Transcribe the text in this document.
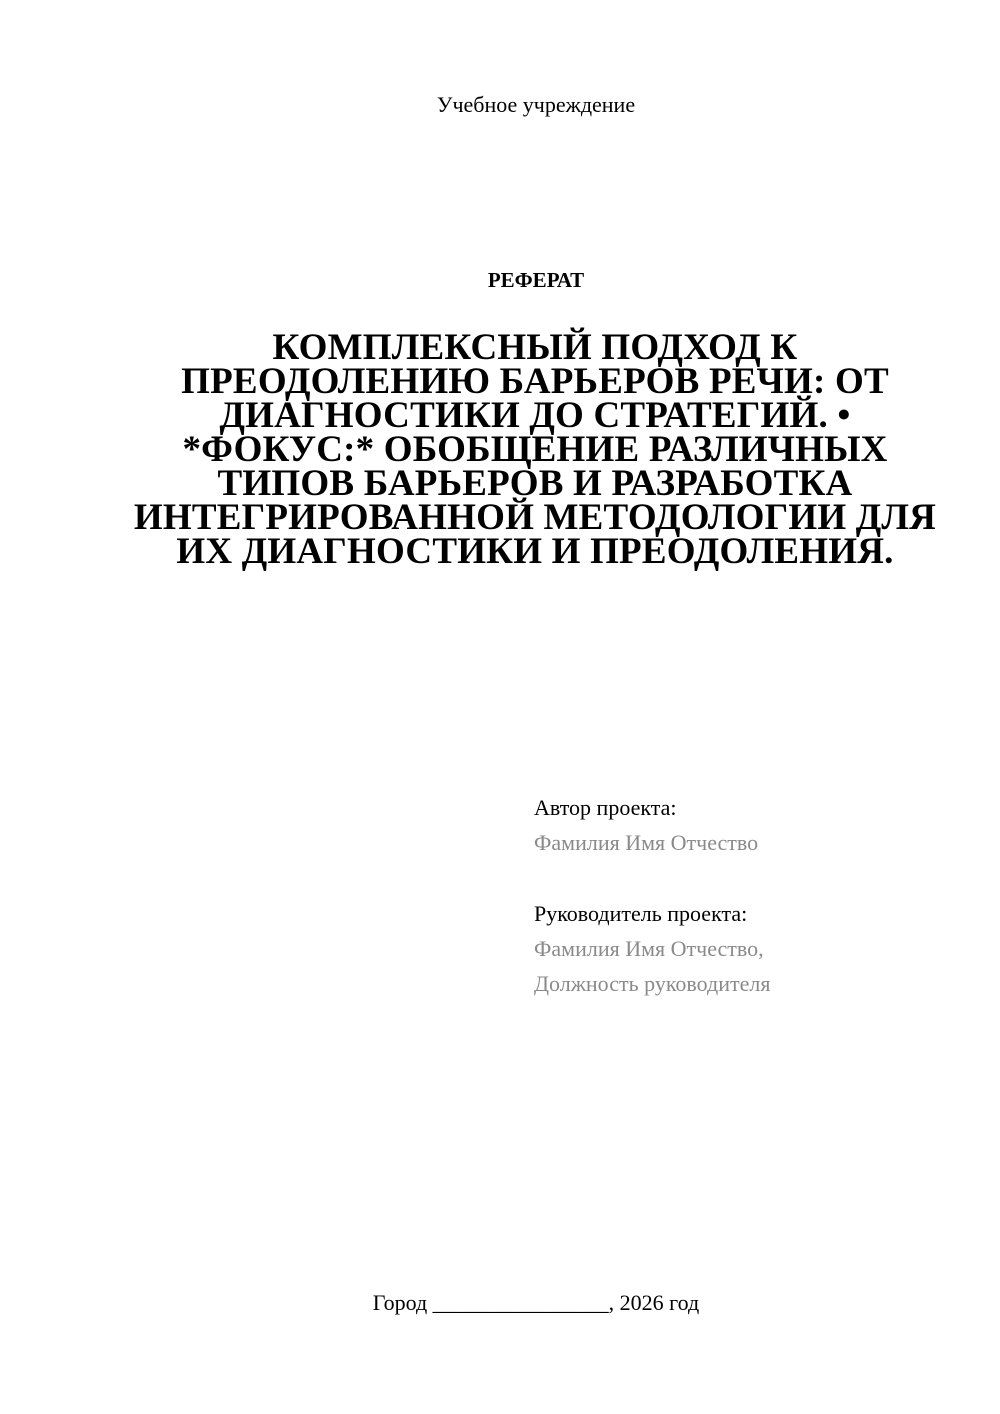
Учебное учреждение
РЕФЕРАТ
КОМПЛЕКСНЫЙ ПОДХОД К ПРЕОДОЛЕНИЮ БАРЬЕРОВ РЕЧИ: ОТ ДИАГНОСТИКИ ДО СТРАТЕГИЙ. • *ФОКУС:* ОБОБЩЕНИЕ РАЗЛИЧНЫХ ТИПОВ БАРЬЕРОВ И РАЗРАБОТКА ИНТЕГРИРОВАННОЙ МЕТОДОЛОГИИ ДЛЯ ИХ ДИАГНОСТИКИ И ПРЕОДОЛЕНИЯ.
Автор проекта:
Фамилия Имя Отчество
Руководитель проекта:
Фамилия Имя Отчество,
Должность руководителя
Город ________________, 2026 год
